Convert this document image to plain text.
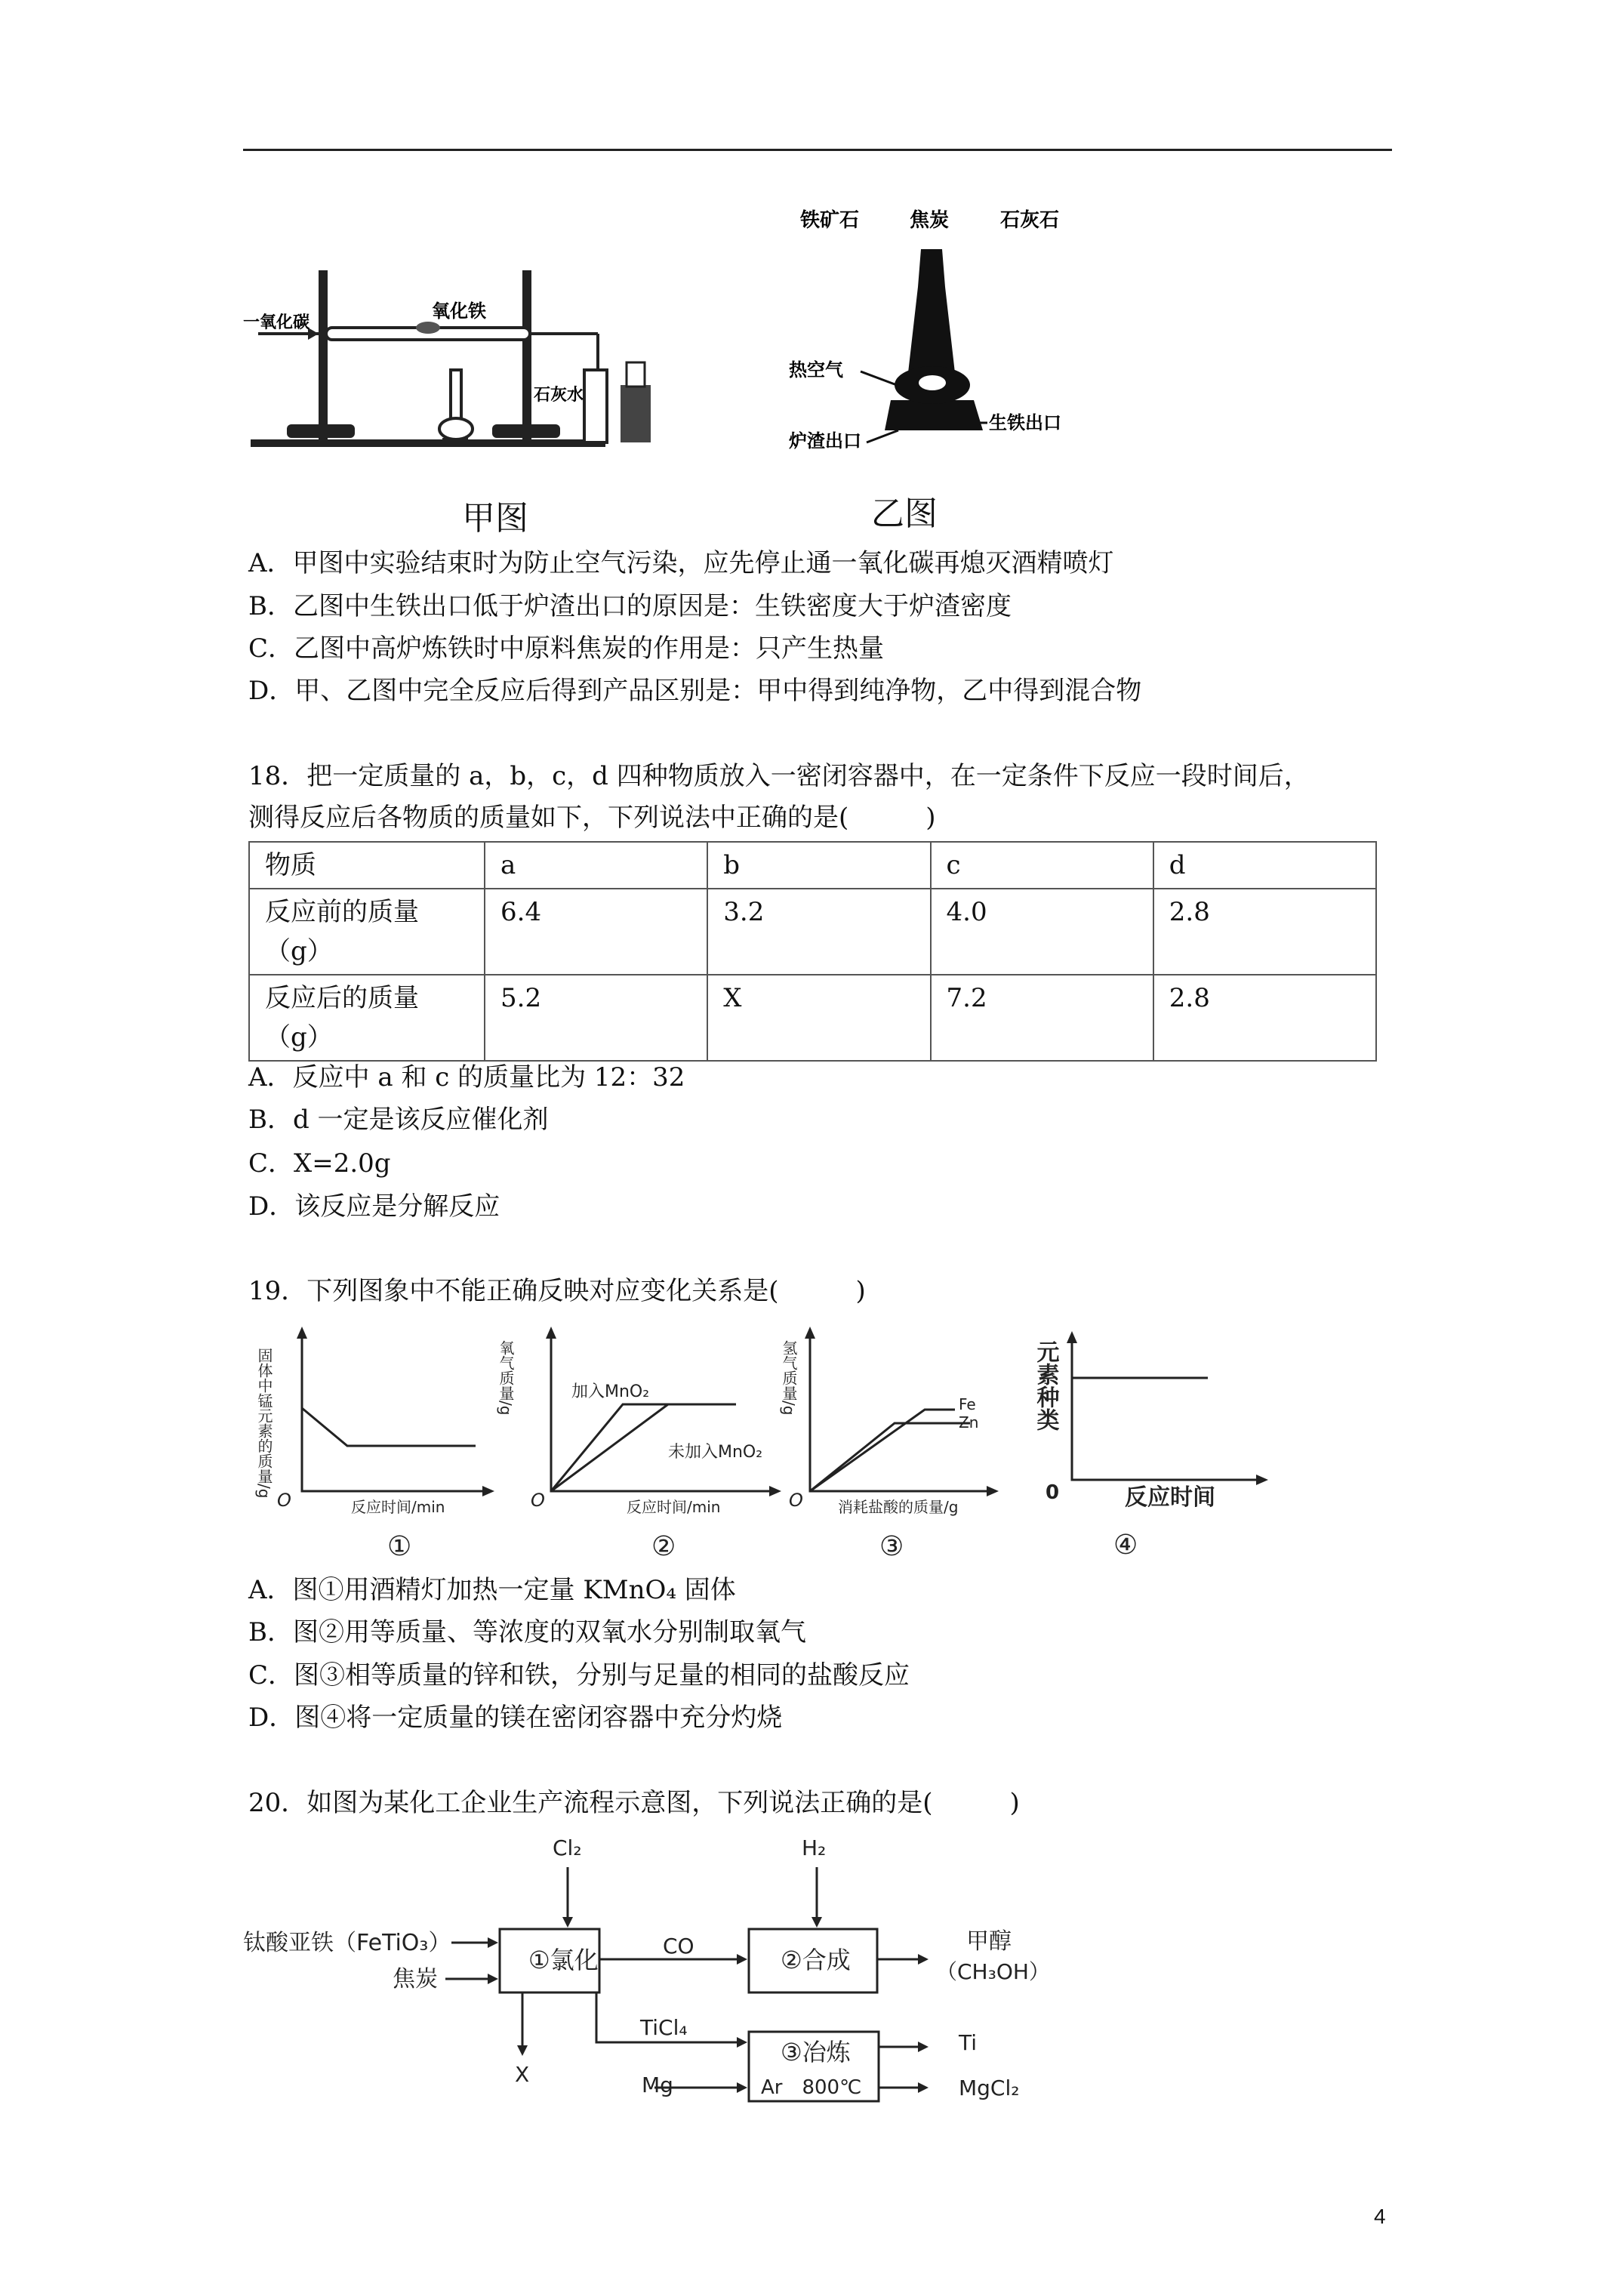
一氧化碳
氧化铁
石灰水
甲图
铁矿石	焦炭	石灰石
热空气
生铁出口
炉渣出口
乙图
A．甲图中实验结束时为防止空气污染，应先停止通一氧化碳再熄灭酒精喷灯
B．乙图中生铁出口低于炉渣出口的原因是：生铁密度大于炉渣密度
C．乙图中高炉炼铁时中原料焦炭的作用是：只产生热量
D．甲、乙图中完全反应后得到产品区别是：甲中得到纯净物，乙中得到混合物
18．把一定质量的 a，b，c，d 四种物质放入一密闭容器中，在一定条件下反应一段时间后，
测得反应后各物质的质量如下，下列说法中正确的是(　　　)
物质	a	b	c	d
反应前的质量（g）	6.4	3.2	4.0	2.8
反应后的质量（g）	5.2	X	7.2	2.8
A．反应中 a 和 c 的质量比为 12：32
B．d 一定是该反应催化剂
C．X=2.0g
D．该反应是分解反应
19．下列图象中不能正确反映对应变化关系是(　　　)
固体中锰元素的质量/g
反应时间/min
O
氧气质量/g
反应时间/min
O
加入MnO₂
未加入MnO₂
氢气质量/g
消耗盐酸的质量/g
O
Fe
Zn 元素种类
反应时间
0
①	②	③	④
A．图①用酒精灯加热一定量 KMnO₄ 固体
B．图②用等质量、等浓度的双氧水分别制取氧气
C．图③相等质量的锌和铁，分别与足量的相同的盐酸反应
D．图④将一定质量的镁在密闭容器中充分灼烧
20．如图为某化工企业生产流程示意图，下列说法正确的是(　　　)
Cl₂	H₂
钛酸亚铁（FeTiO₃）
焦炭
①氯化	CO	②合成
甲醇
（CH₃OH）
TiCl₄
X	Mg
③冶炼
Ar　800℃
Ti
MgCl₂
4
